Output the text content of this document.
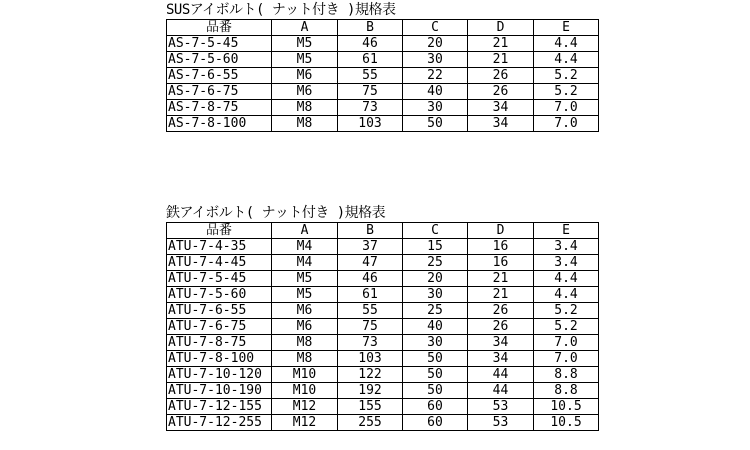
SUSアイボルト( ナット付き )規格表
品番	A	B	C	D	E
AS-7-5-45	M5	46	20	21	4.4
AS-7-5-60	M5	61	30	21	4.4
AS-7-6-55	M6	55	22	26	5.2
AS-7-6-75	M6	75	40	26	5.2
AS-7-8-75	M8	73	30	34	7.0
AS-7-8-100	M8	103	50	34	7.0
鉄アイボルト( ナット付き )規格表
品番	A	B	C	D	E
ATU-7-4-35	M4	37	15	16	3.4
ATU-7-4-45	M4	47	25	16	3.4
ATU-7-5-45	M5	46	20	21	4.4
ATU-7-5-60	M5	61	30	21	4.4
ATU-7-6-55	M6	55	25	26	5.2
ATU-7-6-75	M6	75	40	26	5.2
ATU-7-8-75	M8	73	30	34	7.0
ATU-7-8-100	M8	103	50	34	7.0
ATU-7-10-120	M10	122	50	44	8.8
ATU-7-10-190	M10	192	50	44	8.8
ATU-7-12-155	M12	155	60	53	10.5
ATU-7-12-255	M12	255	60	53	10.5
